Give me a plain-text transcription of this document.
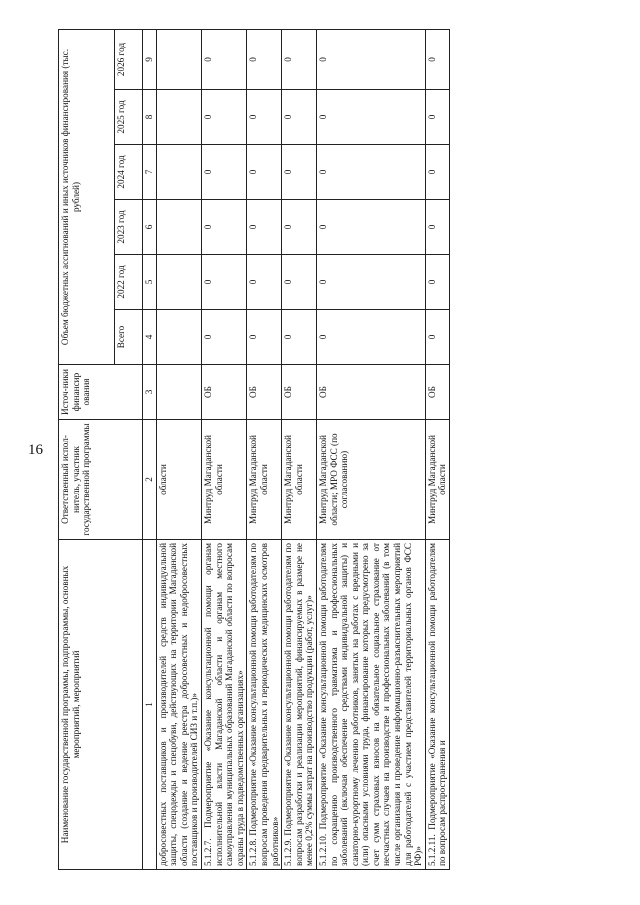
16
Наименование государственной программы, подпрограммы, основных мероприятий, мероприятий	Ответственный испол-нитель, участник государственной программы	Источ-ники финансир ования	Объем бюджетных ассигнований и иных источников финансирования (тыс. рублей)					
			Всего	2022 год	2023 год	2024 год	2025 год	2026 год
1	2	3	4	5	6	7	8	9
добросовестных поставщиков и производителей средств индивидуальной защиты, спецодежды и спецобуви, действующих на территории Магаданской области (создание и ведение реестра добросовестных и недобросовестных поставщиков и производителей СИЗ и т.п.)»	области							
5.1.2.7. Подмероприятие «Оказание консультационной помощи органам исполнительной власти Магаданской области и органам местного самоуправления муниципальных образований Магаданской области по вопросам охраны труда в подведомственных организациях»	Минтруд Магаданской области	ОБ	0	0	0	0	0	0
5.1.2.8. Подмероприятие «Оказание консультационной помощи работодателям по вопросам проведения предварительных и периодических медицинских осмотров работников»	Минтруд Магаданской области	ОБ	0	0	0	0	0	0
5.1.2.9. Подмероприятие «Оказание консультационной помощи работодателям по вопросам разработки и реализации мероприятий, финансируемых в размере не менее 0,2% суммы затрат на производство продукции (работ, услуг)»	Минтруд Магаданской области	ОБ	0	0	0	0	0	0
5.1.2.10. Подмероприятие «Оказание консультационной помощи работодателям по сокращению производственного травматизма и профессиональных заболеваний (включая обеспечение средствами индивидуальной защиты) и санаторно-курортному лечению работников, занятых на работах с вредными и (или) опасными условиями труда, финансирование которых предусмотрено за счет сумм страховых взносов на обязательное социальное страхование от несчастных случаев на производстве и профессиональных заболеваний (в том числе организация и проведение информационно-разъяснительных мероприятий для работодателей с участием представителей территориальных органов ФСС РФ)»	Минтруд Магаданской области; МРО ФСС (по согласованию)	ОБ	0	0	0	0	0	0
5.1.2.11. Подмероприятие «Оказание консультационной помощи работодателям по вопросам распространения и	Минтруд Магаданской области	ОБ	0	0	0	0	0	0
